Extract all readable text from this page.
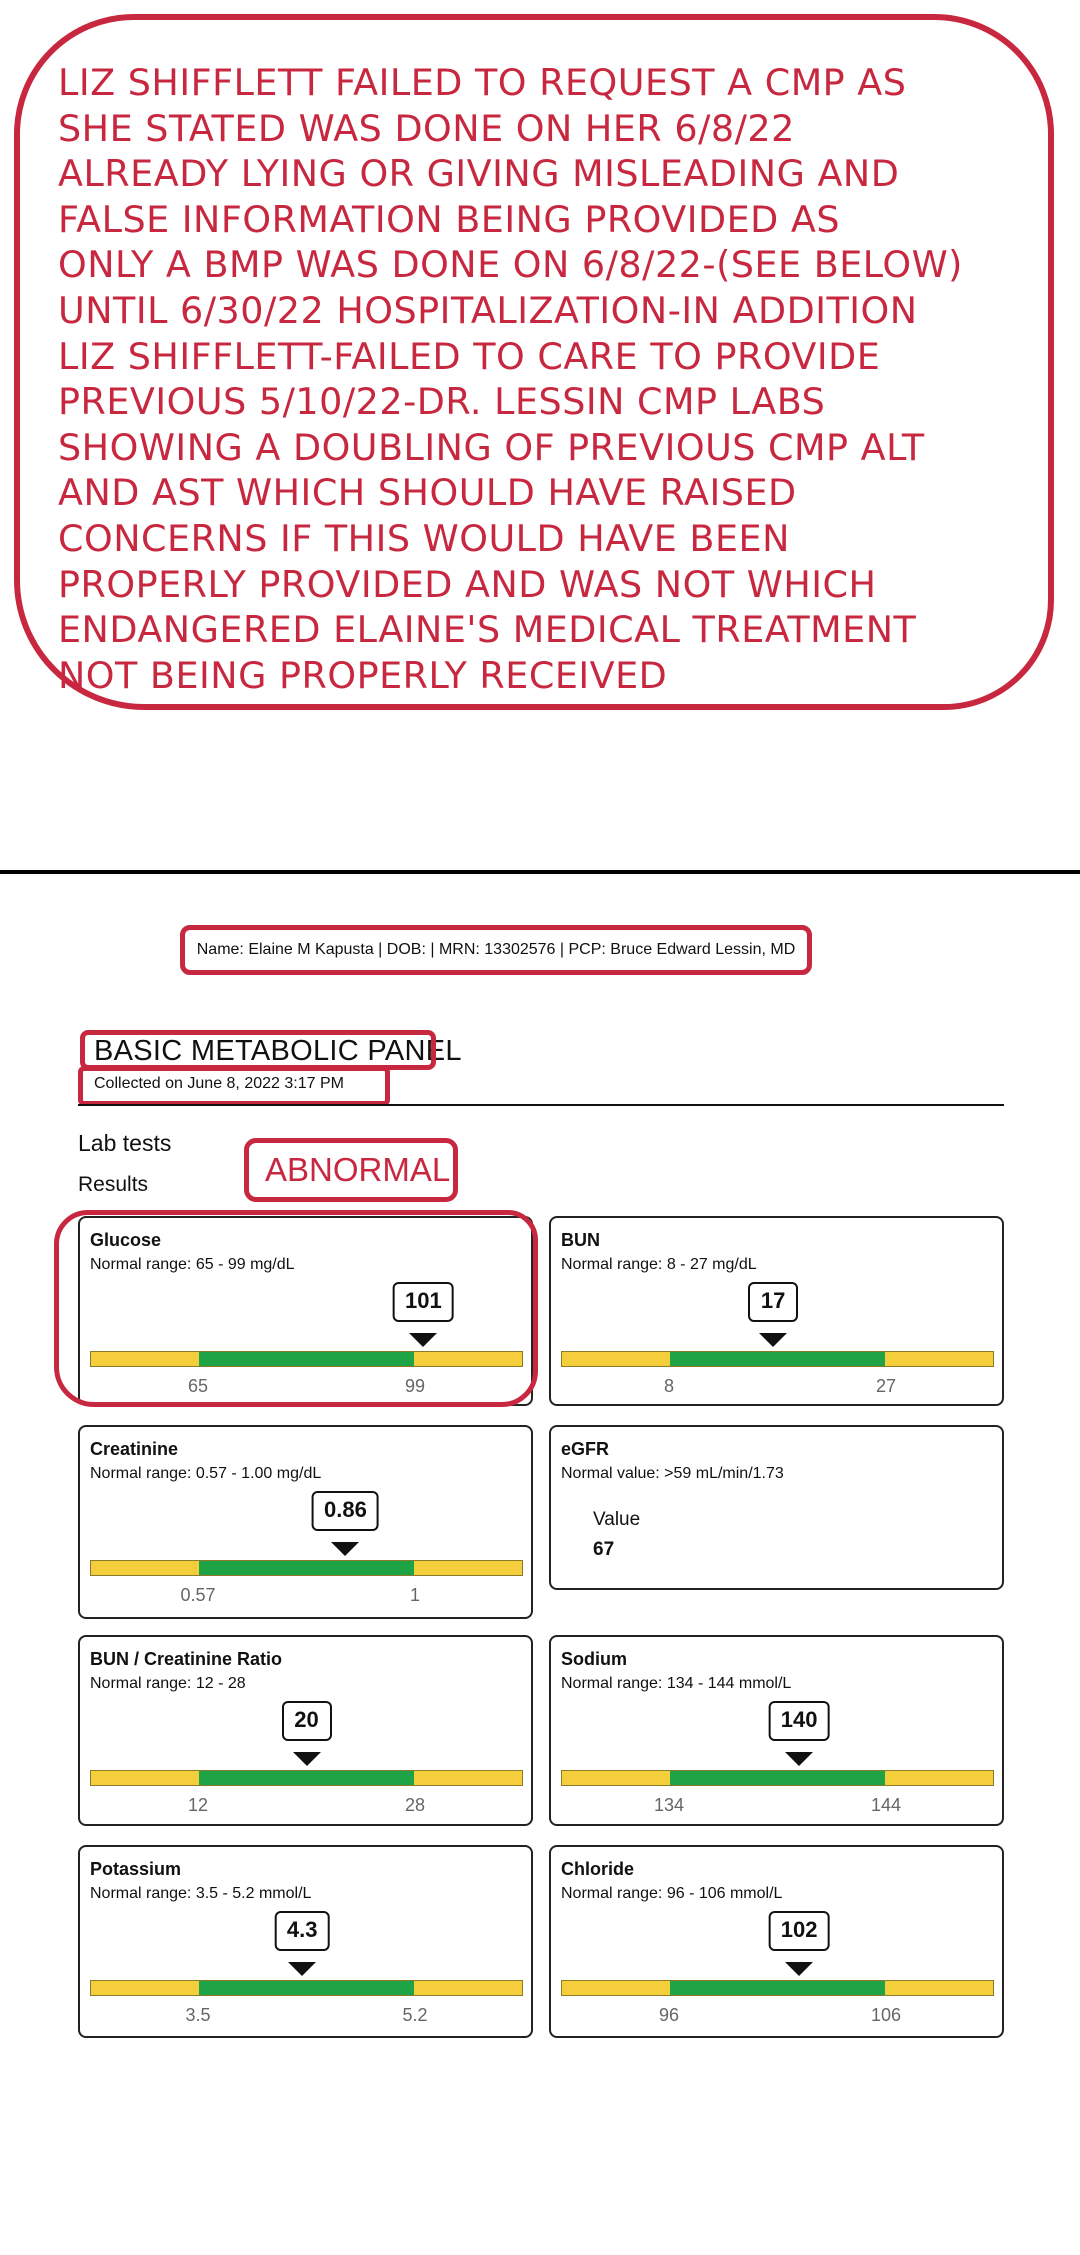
LIZ SHIFFLETT FAILED TO REQUEST A CMP AS
SHE STATED WAS DONE ON HER 6/8/22
ALREADY LYING OR GIVING MISLEADING AND
FALSE INFORMATION BEING PROVIDED AS
ONLY A BMP WAS DONE ON 6/8/22-(SEE BELOW)
UNTIL 6/30/22 HOSPITALIZATION-IN ADDITION
LIZ SHIFFLETT-FAILED TO CARE TO PROVIDE
PREVIOUS 5/10/22-DR. LESSIN CMP LABS
SHOWING A DOUBLING OF PREVIOUS CMP ALT
AND AST WHICH SHOULD HAVE RAISED
CONCERNS IF THIS WOULD HAVE BEEN
PROPERLY PROVIDED AND WAS NOT WHICH
ENDANGERED ELAINE'S MEDICAL TREATMENT
NOT BEING PROPERLY RECEIVED
Name: Elaine M Kapusta | DOB: | MRN: 13302576 | PCP: Bruce Edward Lessin, MD
BASIC METABOLIC PANEL
Collected on June 8, 2022 3:17 PM
Lab tests
Results	ABNORMAL
Glucose
Normal range: 65 - 99 mg/dL
101
65	99
BUN
Normal range: 8 - 27 mg/dL
17
8	27
Creatinine
Normal range: 0.57 - 1.00 mg/dL
0.86
0.57	1
eGFR
Normal value: >59 mL/min/1.73
Value
67
BUN / Creatinine Ratio
Normal range: 12 - 28
20
12	28
Sodium
Normal range: 134 - 144 mmol/L
140
134	144
Potassium
Normal range: 3.5 - 5.2 mmol/L
4.3
3.5	5.2
Chloride
Normal range: 96 - 106 mmol/L
102
96	106
